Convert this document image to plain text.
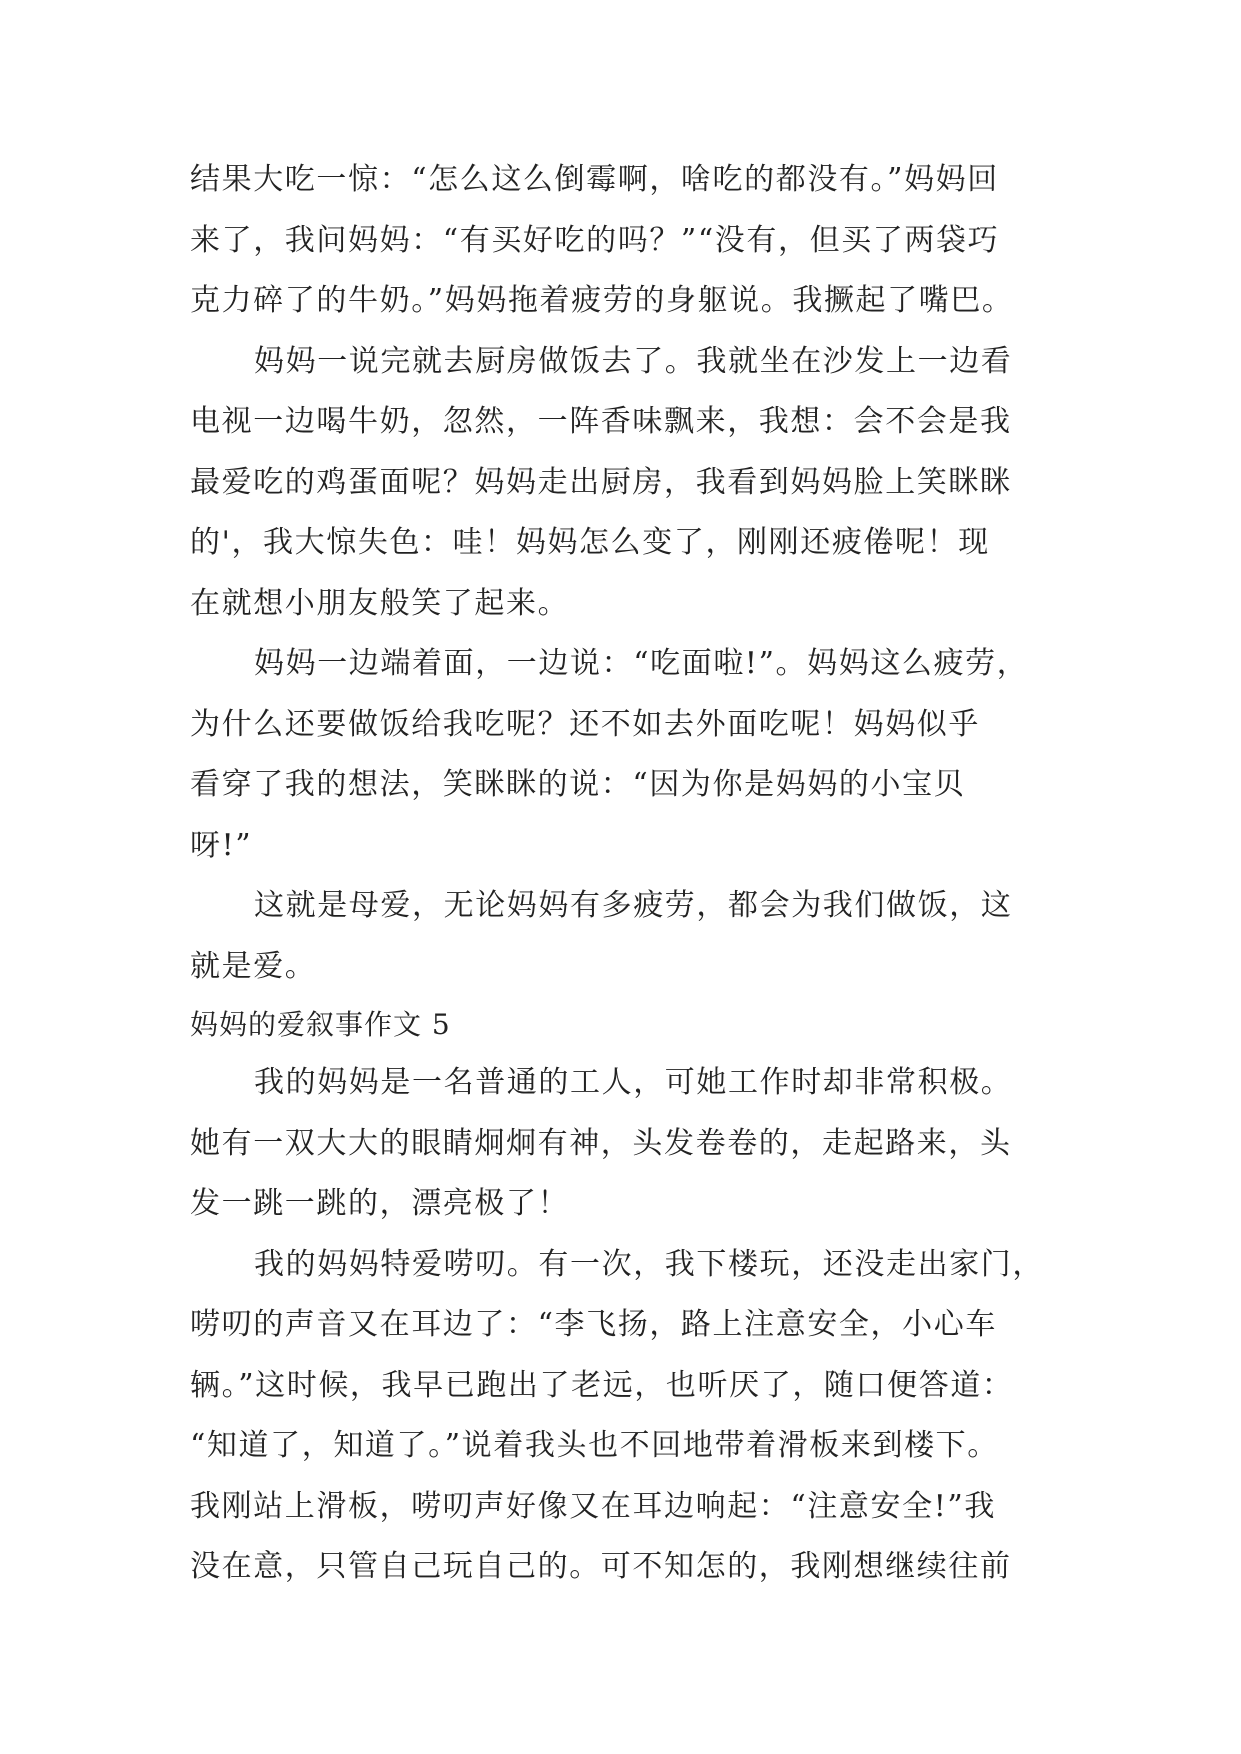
结果大吃一惊：“怎么这么倒霉啊，啥吃的都没有。”妈妈回
来了，我问妈妈：“有买好吃的吗？”“没有，但买了两袋巧
克力碎了的牛奶。”妈妈拖着疲劳的身躯说。我撅起了嘴巴。
妈妈一说完就去厨房做饭去了。我就坐在沙发上一边看
电视一边喝牛奶，忽然，一阵香味飘来，我想：会不会是我
最爱吃的鸡蛋面呢？妈妈走出厨房，我看到妈妈脸上笑眯眯
的'，我大惊失色：哇！妈妈怎么变了，刚刚还疲倦呢！现
在就想小朋友般笑了起来。
妈妈一边端着面，一边说：“吃面啦!”。妈妈这么疲劳，
为什么还要做饭给我吃呢？还不如去外面吃呢！妈妈似乎
看穿了我的想法，笑眯眯的说：“因为你是妈妈的小宝贝
呀!”
这就是母爱，无论妈妈有多疲劳，都会为我们做饭，这
就是爱。
妈妈的爱叙事作文 5
我的妈妈是一名普通的工人，可她工作时却非常积极。
她有一双大大的眼睛炯炯有神，头发卷卷的，走起路来，头
发一跳一跳的，漂亮极了！
我的妈妈特爱唠叨。有一次，我下楼玩，还没走出家门，
唠叨的声音又在耳边了：“李飞扬，路上注意安全，小心车
辆。”这时候，我早已跑出了老远，也听厌了，随口便答道：
“知道了，知道了。”说着我头也不回地带着滑板来到楼下。
我刚站上滑板，唠叨声好像又在耳边响起：“注意安全!”我
没在意，只管自己玩自己的。可不知怎的，我刚想继续往前
